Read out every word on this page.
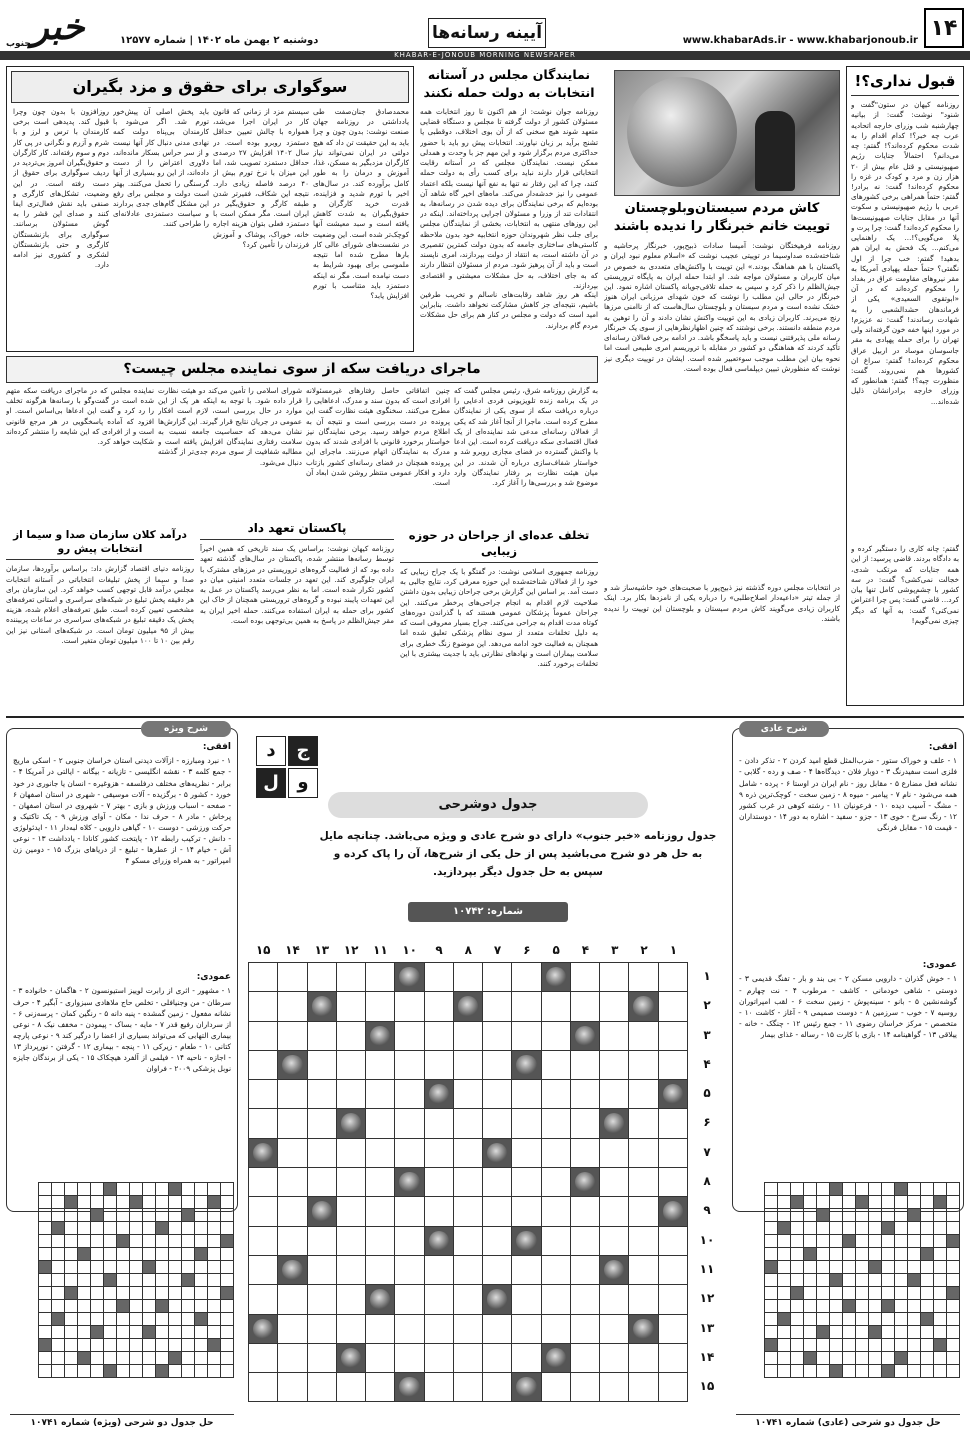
۱۴
www.khabarAds.ir - www.khabarjonoub.ir
آیینه رسانه‌ها
دوشنبه ۲ بهمن ماه ۱۴۰۲ | شماره ۱۲۵۷۷
خبر
جنوب
KHABAR-E-JONOUB MORNING NEWSPAPER
قبول نداری؟!
روزنامه کیهان در ستون"گفت و شنود" نوشت: گفت: از بیانیه چهارشنبه شب وزرای خارجه اتحادیه عرب چه خبر؟! کدام اقدام را به شدت محکوم کرده‌اند؟! گفتم: چه می‌دانم؟ احتمالاً جنایات رژیم صهیونیستی و قتل عام بیش از ۲۰ هزار زن و مرد و کودک در غزه را محکوم کرده‌اند! گفت: نه برادر! گفتم: حتماً همراهی برخی کشورهای عربی با رژیم صهیونیستی و سکوت آنها در مقابل جنایات صهیونیست‌ها را محکوم کرده‌اند! گفت: چرا پرت و پلا می‌گویی؟!... یک راهنمایی می‌کنم... یک فحش به ایران هم بدهید! گفتم: خب چرا از اول نگفتی؟ حتماً حمله پهپادی آمریکا به مقر نیروهای مقاومت عراق در بغداد را محکوم کرده‌اند که در آن «ابوتقوی السعیدی» یکی از فرماندهان حشدالشعبی را به شهادت رساندند! گفت: نه عزیزم! در مورد اینها خفه خون گرفته‌اند ولی تهران را برای حمله پهپادی به مقر جاسوسان موساد در اربیل عراق محکوم کرده‌اند! گفتم: سراغ ان کشورها هم نمی‌روند. گفت: منظورت چیه؟! گفتم: همانطور که وزرای خارجه برادرانشان ذلیل شده‌اند...
گفتم: چانه کاری را دستگیر کرده و به دادگاه بردند. قاضی پرسید: از این همه جنایات که مرتکب شدی، خجالت نمی‌کشی؟ گفت: در سه کشور با چشم‌پوشی کامل تنها بیان کرد... قاضی گفت: پس چرا اعتراض نمی‌کنی؟ گفت: به آنها که دیگر چیزی نمی‌گویم!
کاش مردم سیستان‌وبلوچستان توییت خانم خبرنگار را ندیده باشند
روزنامه فرهیختگان نوشت: آمیسا سادات ذبیح‌پور، خبرنگار پرحاشیه و شناخته‌شده صداوسیما در توییتی عجیب نوشت که «اسلام معلوم نبود ایران و پاکستان با هم هماهنگ بودند.» این توییت با واکنش‌های متعددی به خصوص در میان کاربران و مسئولان مواجه شد. او ابتدا حمله ایران به پایگاه تروریستی جیش‌الظلم را ذکر کرد و سپس به حمله تلافی‌جویانه پاکستان اشاره نمود. این خبرنگار در حالی این مطلب را نوشت که خون شهدای مرزبانی ایران هنوز خشک نشده است و مردم سیستان و بلوچستان سال‌هاست که از ناامنی مرزها رنج می‌برند. کاربران زیادی به این توییت واکنش نشان دادند و آن را توهین به مردم منطقه دانستند. برخی نوشتند که چنین اظهارنظرهایی از سوی یک خبرنگار رسانه ملی پذیرفتنی نیست و باید پاسخگو باشد. در ادامه برخی فعالان رسانه‌ای تأکید کردند که هماهنگی دو کشور در مقابله با تروریسم امری طبیعی است اما نحوه بیان این مطلب موجب سوءتعبیر شده است. ایشان در توییت دیگری نیز نوشت که منظورش تبیین دیپلماسی فعال بوده است.
در انتخابات مجلس دوره گذشته نیز ذبیح‌پور با صحبت‌های خود حاشیه‌ساز شد و از جمله تیتر «داعیه‌دار اصلاح‌طلبی» را درباره یکی از نامزدها بکار برد. اینک کاربران زیادی می‌گویند کاش مردم سیستان و بلوچستان این توییت را ندیده باشند.
نمایندگان مجلس در آستانه انتخابات به دولت حمله نکنند
روزنامه جوان نوشت: از هم اکنون تا روز انتخابات همه مسئولان کشور از دولت گرفته تا مجلس و دستگاه قضایی متعهد شوند هیچ سخنی که از آن بوی اختلاف، دوقطبی یا تشنج برآید بر زبان نیاورند. انتخابات پیش رو باید با حضور حداکثری مردم برگزار شود و این مهم جز با وحدت و همدلی ممکن نیست. نمایندگان مجلس که در آستانه رقابت انتخاباتی قرار دارند نباید برای کسب رأی به دولت حمله کنند، چرا که این رفتار نه تنها به نفع آنها نیست بلکه اعتماد عمومی را نیز خدشه‌دار می‌کند. ماه‌های اخیر گاه شاهد آن بوده‌ایم که برخی نمایندگان برای دیده شدن در رسانه‌ها، به انتقادات تند از وزرا و مسئولان اجرایی پرداخته‌اند. اینکه در این روزهای منتهی به انتخابات، بخشی از نمایندگان مجلس برای جلب نظر شهروندان حوزه انتخابیه خود بدون ملاحظه کاستی‌های ساختاری جامعه که بدون دولت کمترین تقصیری در آن داشته است، به انتقاد از دولت بپردازند، امری ناپسند است و باید از آن پرهیز شود. مردم از مسئولان انتظار دارند که به جای اختلاف، به حل مشکلات معیشتی و اقتصادی بپردازند.
اینکه هر روز شاهد رقابت‌های ناسالم و تخریب طرفین باشیم، نتیجه‌ای جز کاهش مشارکت نخواهد داشت. بنابراین امید است که دولت و مجلس در کنار هم برای حل مشکلات مردم گام بردارند.
سوگواری برای حقوق و مزد بگیران
محمدصادق جنان‌صفت طی یادداشتی در روزنامه جهان صنعت نوشت: بدون چون و چرا باید به این حقیقت تن داد که هیچ دولتی در ایران نمی‌تواند نیاز کارگران مزدبگیر به مسکن، غذا، آموزش و درمان را به طور کامل برآورده کند. در سال‌های اخیر با تورم شدید و فزاینده، قدرت خرید کارگران و حقوق‌بگیران به شدت کاهش یافته است و سبد معیشت آنها کوچک‌تر شده است. این وضعیت در نشست‌های شورای عالی کار بارها مطرح شده اما نتیجه ملموسی برای بهبود شرایط به دست نیامده است. مگر نه اینکه دستمزد باید متناسب با تورم افزایش یابد؟
سیستم مزد از زمانی که قانون کار در ایران اجرا می‌شد، همواره با چالش تعیین حداقل دستمزد روبرو بوده است. در سال ۱۴۰۲ افزایش ۲۷ درصدی حداقل دستمزد تصویب شد، اما این میزان با نرخ تورم بیش از ۴۰ درصد فاصله زیادی دارد. نتیجه این شکاف، فقیرتر شدن طبقه کارگر و حقوق‌بگیر در ایران است. مگر ممکن است با دستمزد فعلی بتوان هزینه اجاره خانه، خوراک، پوشاک و آموزش فرزندان را تأمین کرد؟
باید پخش اصلی آن پیش‌خور تورم شد. اگر می‌شود با کارمندان بی‌پناه دولت کمه نهادی مدنی دنبال کار آنها نیست و از سر حراس بسکار مانده‌اند، دلاوری اعتراض را از دست داده‌اند، از این رو بسیاری از آنها گرسنگی را تحمل می‌کنند. بهتر است دولت و مجلس برای رفع این مشکل گام‌های جدی بردارند و سیاست دستمزدی عادلانه‌ای را طراحی کنند.
روزافزون با بدون چون وچرا قبول کند. پدیدهی است برخی کارمندان با ترس و لرز و با شرم و آزرم و نگرانی در پی کار دوم و سوم رفته‌اند. کار کارگران و حقوق‌بگیران امروز بی‌تردید در ردیف سوگواری برای حقوق از دست رفته است. در این وضعیت، تشکل‌های کارگری و صنفی باید نقش فعال‌تری ایفا کنند و صدای این قشر را به گوش مسئولان برسانند. سوگواری برای بازنشستگان کارگری و حتی بازنشستگان لشکری و کشوری نیز ادامه دارد.
ماجرای دریافت سکه از سوی نماینده مجلس چیست؟
به گزارش روزنامه شرق، رئیس مجلس گفت که در یک برنامه زنده تلویزیونی فردی ادعایی را درباره دریافت سکه از سوی یکی از نمایندگان مطرح کرده است. ماجرا از آنجا آغاز شد که یکی از فعالان رسانه‌ای مدعی شد نماینده‌ای از یک فعال اقتصادی سکه دریافت کرده است. این ادعا با واکنش گسترده در فضای مجازی روبرو شد و خواستار شفاف‌سازی درباره آن شدند. در این میان هیئت نظارت بر رفتار نمایندگان وارد موضوع شد و بررسی‌ها را آغاز کرد.
چنین اتفاقاتی حاصل رفتارهای غیرمسئولانه افرادی است که بدون سند و مدرک، ادعاهایی را مطرح می‌کنند. سخنگوی هیئت نظارت گفت این پرونده در دست بررسی است و نتیجه آن به اطلاع مردم خواهد رسید. برخی نمایندگان نیز خواستار برخورد قانونی با افرادی شدند که بدون مدرک به نمایندگان اتهام می‌زنند. ماجرای این پرونده همچنان در فضای رسانه‌ای کشور بازتاب دارد و افکار عمومی منتظر روشن شدن ابعاد آن است.
شورای اسلامی را تأمین می‌کند دو هیئت نظارت قرار داده شود. با توجه به اینکه هر یک از این موارد در حال بررسی است، لازم است افکار عمومی در جریان نتایج قرار گیرند. این گزارش‌ها نشان می‌دهد که حساسیت جامعه نسبت به سلامت رفتاری نمایندگان افزایش یافته است و مطالبه شفافیت از سوی مردم جدی‌تر از گذشته دنبال می‌شود.
نماینده مجلس که در ماجرای دریافت سکه متهم شده است در گفت‌وگو با رسانه‌ها هرگونه تخلف را رد کرد و گفت این ادعاها بی‌اساس است. او افزود که آماده پاسخگویی در هر مرجع قانونی است و از افرادی که این شایعه را منتشر کرده‌اند شکایت خواهد کرد.
تخلف عده‌ای از جراحان در حوزه زیبایی
روزنامه جمهوری اسلامی نوشت: در گفتگو با یک جراح زیبایی که خود را از فعالان شناخته‌شده این حوزه معرفی کرد، نتایج جالبی به دست آمد. بر اساس این گزارش برخی جراحان زیبایی بدون داشتن صلاحیت لازم اقدام به انجام جراحی‌های پرخطر می‌کنند. این جراحان عموماً پزشکان عمومی هستند که با گذراندن دوره‌های کوتاه مدت اقدام به جراحی می‌کنند. جراح بسیار معروفی است که به دلیل تخلفات متعدد از سوی نظام پزشکی تعلیق شده اما همچنان به فعالیت خود ادامه می‌دهد. این موضوع زنگ خطری برای سلامت بیماران است و نهادهای نظارتی باید با جدیت بیشتری با این تخلفات برخورد کنند.
پاکستان تعهد داد
روزنامه کیهان نوشت: براساس یک سند تاریخی که همین اخیراً توسط رسانه‌ها منتشر شده، پاکستان در سال‌های گذشته تعهد داده بود که از فعالیت گروه‌های تروریستی در مرزهای مشترک با ایران جلوگیری کند. این تعهد در جلسات متعدد امنیتی میان دو کشور تکرار شده است. اما به نظر می‌رسد پاکستان در عمل به این تعهدات پایبند نبوده و گروه‌های تروریستی همچنان از خاک این کشور برای حمله به ایران استفاده می‌کنند. حمله اخیر ایران به مقر جیش‌الظلم در پاسخ به همین بی‌توجهی بوده است.
درآمد کلان سازمان صدا و سیما از انتخابات پیش رو
روزنامه دنیای اقتصاد گزارش داد: براساس برآوردها، سازمان صدا و سیما از پخش تبلیغات انتخاباتی در آستانه انتخابات مجلس درآمد قابل توجهی کسب خواهد کرد. این سازمان برای هر دقیقه پخش تبلیغ در شبکه‌های سراسری و استانی تعرفه‌های مشخصی تعیین کرده است. طبق تعرفه‌های اعلام شده، هزینه پخش یک دقیقه تبلیغ در شبکه‌های سراسری در ساعات پربیننده بیش از ۹۵ میلیون تومان است. در شبکه‌های استانی نیز این رقم بین ۱۰ تا ۱۰۰ میلیون تومان متغیر است.
شرح عادی
افقی:
۱ - علف و خوراک ستور - ضرب‌المثل قطع امید کردن ۲ - تذکر دادن - فلزی است سفیدرنگ ۳ - دوبار فلان - دیدگاه‌ها ۴ - صف و رده - گلابی - نشانه فعل مضارع ۵ - مقابل روز - نام ایران در اوستا ۶ - پرده - شامل همه می‌شود - نام ۷ - پیامبر - میوه ۸ - زمین سخت - کوچک‌ترین ذره ۹ - مشگ - آسیب دیده ۱۰ - فرعونیان ۱۱ - رشته کوهی در غرب کشور ۱۲ - رنگ سرخ - خوی ۱۳ - جزو - سفید - اشاره به دور ۱۴ - دوستداران - قیمت ۱۵ - مقابل فرنگی
عمودی:
۱ - خوش گذران - دارویی مسکن ۲ - بی بند و بار - تفنگ قدیمی ۳ - دوستی - شاهی خودمانی - کاشف - مرطوب ۴ - نت چهارم - گوشه‌نشین ۵ - بانو - سینه‌پوش - زمین سخت ۶ - لقب امپراتوران روسیه ۷ - خوب - سرزمین ۸ - دوست صمیمی ۹ - آغاز - کاشت ۱۰ - متخصص - مرکز خراسان رضوی ۱۱ - جمع رئیس ۱۲ - چنگک - خانه - ییلاقی ۱۳ - گواهینامه ۱۴ - بازی با کارت ۱۵ - رساله - غذای بیمار
شرح ویژه
افقی:
۱ - نبرد ومبارزه - ازآلات دیدنی استان خراسان جنوبی ۲ - اسکی ماریچ - جمع کلمه ۳ - نقشه انگلیسی - تازیانه - بیگانه - ایالتی در آمریکا ۴ - برابر - نظریه‌های مختلف درفلسفه - هزوغیره - انسان یا جانوری در خود خورد - کشور ۵ - برگزیده - آلات موسیقی - شهری در استان اصفهان ۶ - صفحه - اسباب ورزش و بازی - بهتر ۷ - شهروی در استان اصفهان - پرخاش - مادر ۸ - حرف ندا - مکان - آوای ورزش ۹ - یک تاکتیک و حرکت ورزشی - دوست ۱۰ - گیاهی دارویی - کلاه لبه‌دار ۱۱ - ایدئولوژی - دانش - ترکیب رابطه ۱۲ - پایتخت کشور کانادا - یادداشت ۱۳ - نوعی آش - خیام ۱۴ - از عطرها - تبلیغ - از دریاهای بزرگ ۱۵ - دومین زن امپراتور - به همراه وزرای مسکو ۴
عمودی:
۱ - مشهور - اثری از رابرت لوییز استیونسون ۲ - هاگمان - خانواده ۳ - سرطان - من وجنیافلی - تخلص حاج ملاهادی سبزواری - آبگیر ۴ - حرف نشانه مفعول - زمین گمشده - پنبه دانه ۵ - رنگین کمان - پرسه‌زنی ۶ - از سرداران رفیع قدر ۷ - مایه - بساک - پیمودن - مخفف نیک ۸ - نوعی بیماری التهابی که می‌تواند بسیاری از اعضا را درگیر کند ۹ - نوعی پارچه کتانی ۱۰ - طعام - زیرکی ۱۱ - پنجه - بیماری ۱۲ - گرفتن - نورپرداز ۱۳ - اجازه - ناحیه ۱۴ - فیلمی از آلفرد هیچکاک ۱۵ - یکی از برندگان جایزه نوبل پزشکی ۲۰۰۹ - فراوان
ج
د
و
ل
جدول دوشرحی
جدول روزنامه «خبر جنوب» دارای دو شرح عادی و ویژه می‌باشد. چنانچه مایل به حل هر دو شرح می‌باشید پس از حل یکی از شرح‌ها، آن را پاک کرده و سپس به حل جدول دیگر بپردازید.
شماره: ۱۰۷۴۲
۱
۲
۳
۴
۵
۶
۷
۸
۹
۱۰
۱۱
۱۲
۱۳
۱۴
۱۵

۱
۲
۳
۴
۵
۶
۷
۸
۹
۱۰
۱۱
۱۲
۱۳
۱۴
۱۵

حل جدول دو شرحی (عادی) شماره ۱۰۷۴۱

حل جدول دو شرحی (ویژه) شماره ۱۰۷۴۱
